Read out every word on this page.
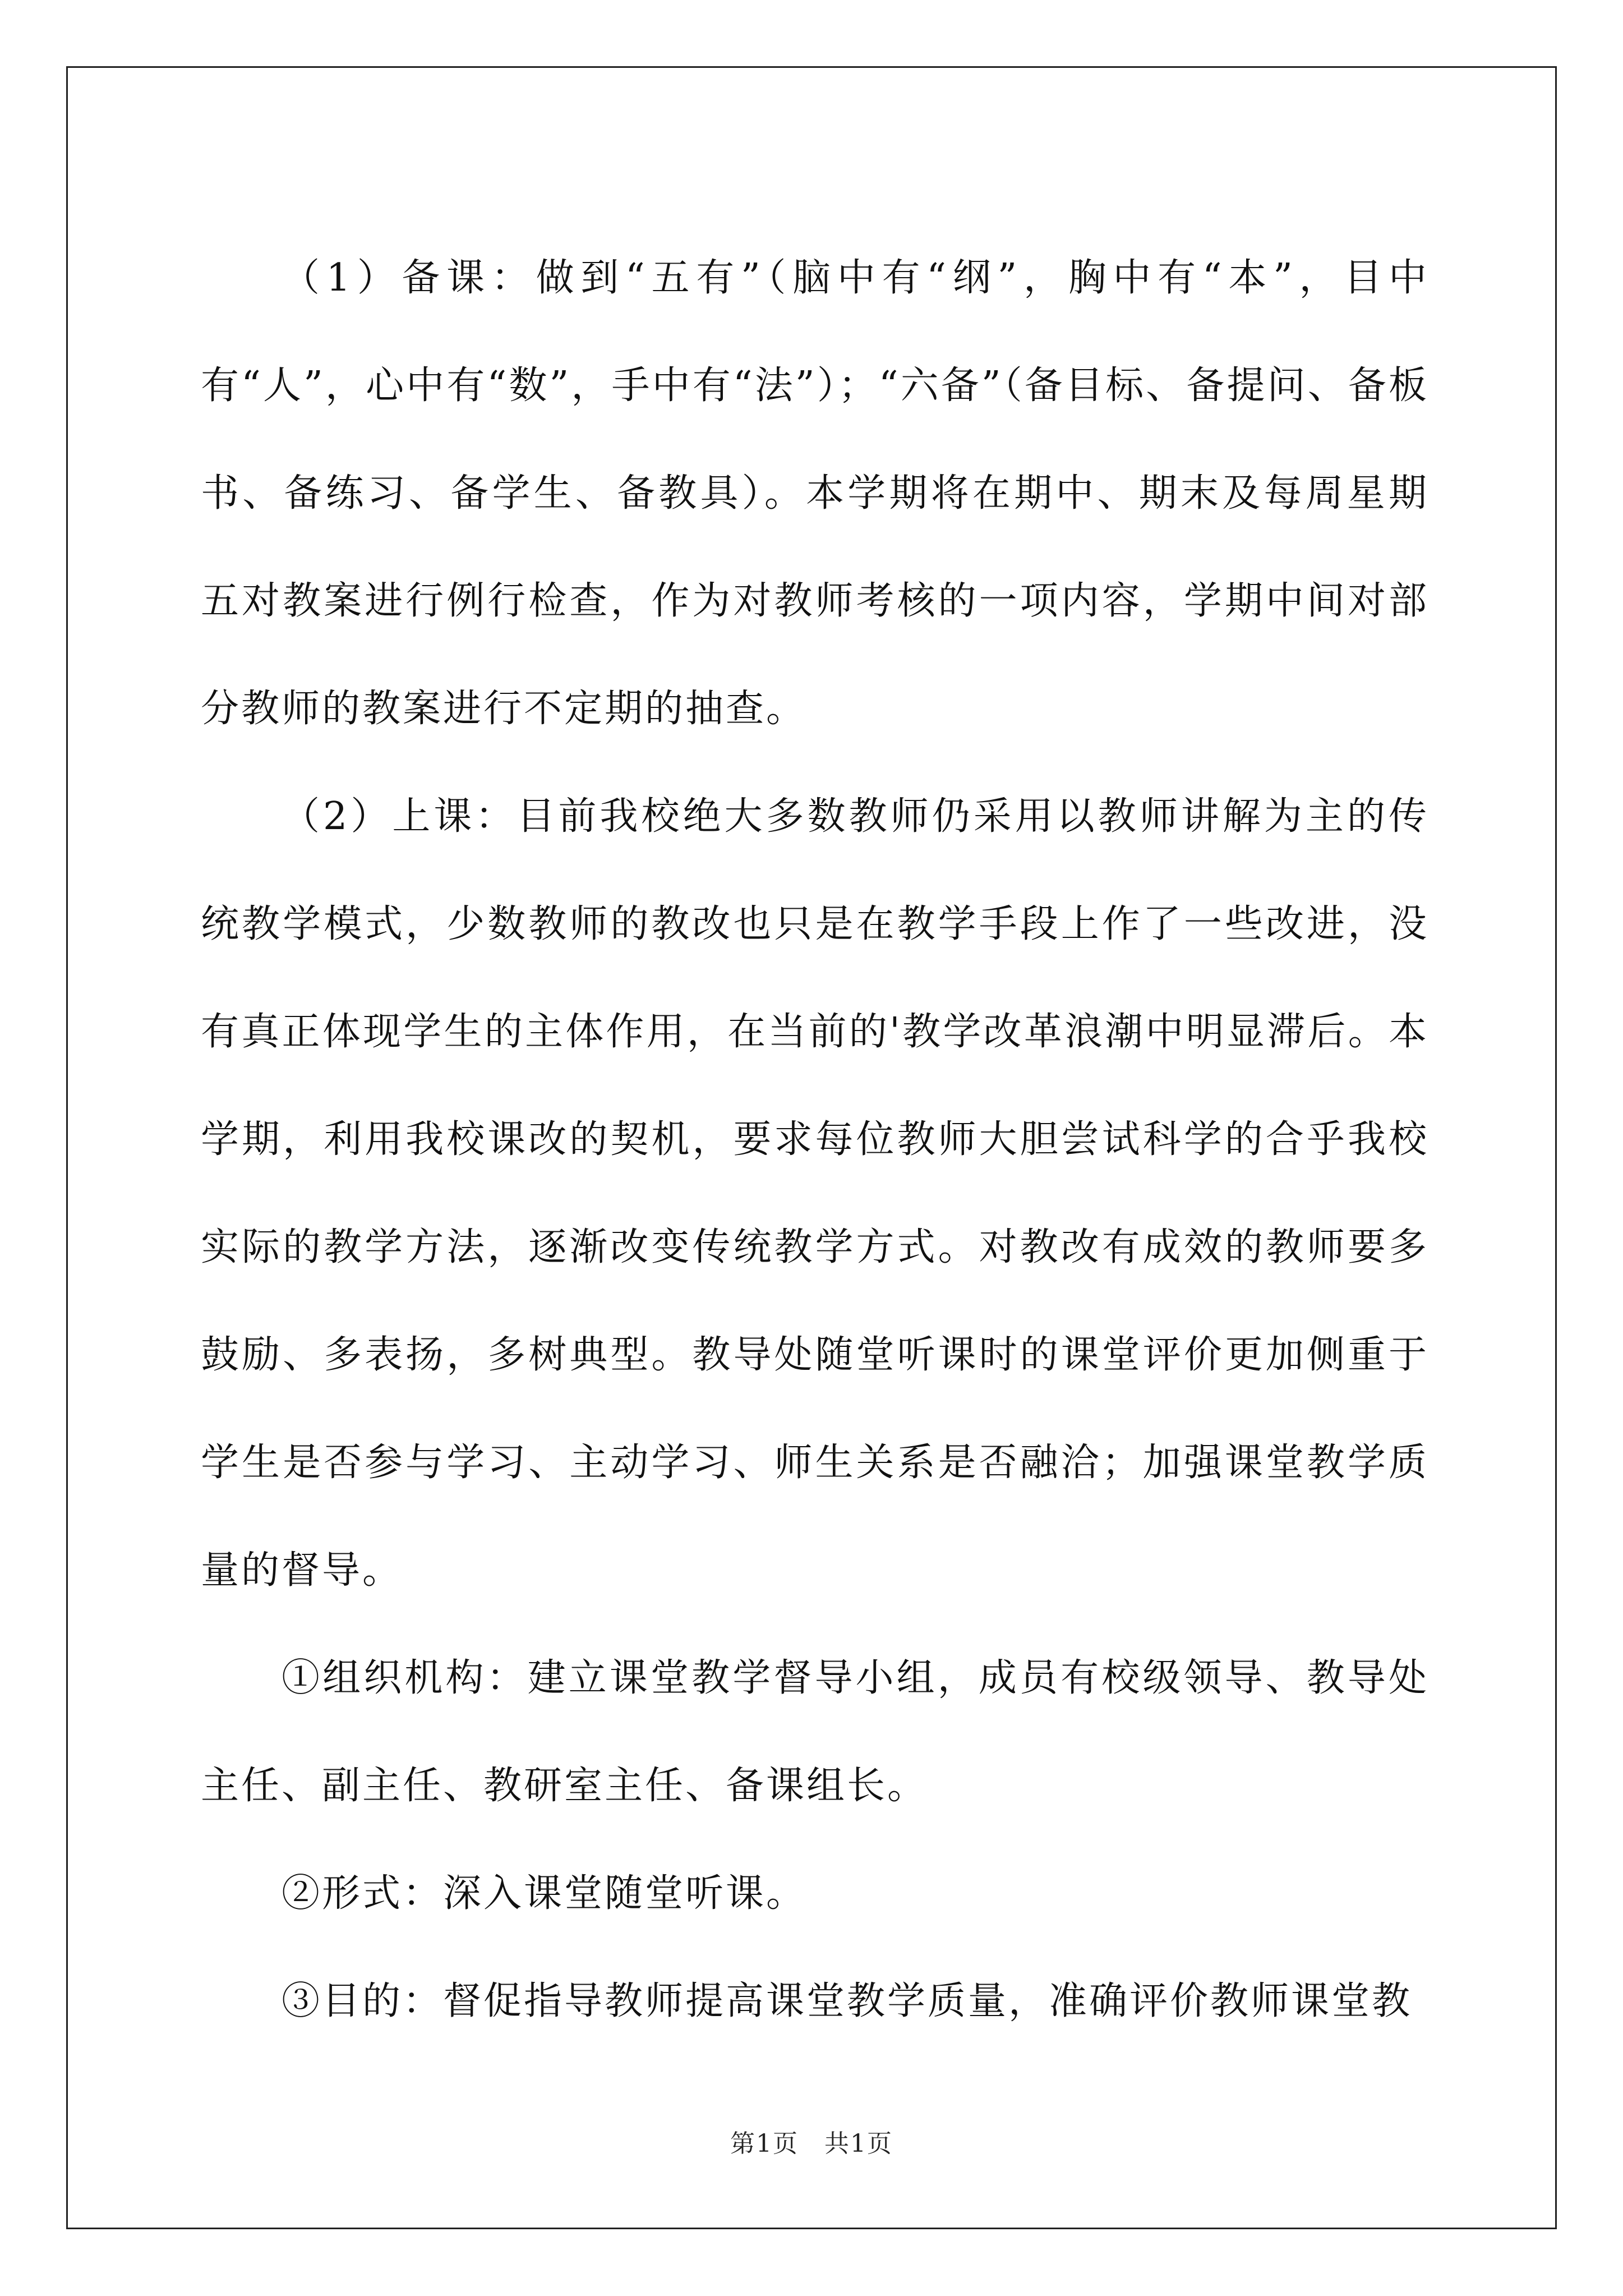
（1）备课：做到“五有”（脑中有“纲”，胸中有“本”，目中有“人”，心中有“数”，手中有“法”）；“六备”（备目标、备提问、备板书、备练习、备学生、备教具）。本学期将在期中、期末及每周星期五对教案进行例行检查，作为对教师考核的一项内容，学期中间对部分教师的教案进行不定期的抽查。

（2）上课：目前我校绝大多数教师仍采用以教师讲解为主的传统教学模式，少数教师的教改也只是在教学手段上作了一些改进，没有真正体现学生的主体作用，在当前的'教学改革浪潮中明显滞后。本学期，利用我校课改的契机，要求每位教师大胆尝试科学的合乎我校实际的教学方法，逐渐改变传统教学方式。对教改有成效的教师要多鼓励、多表扬，多树典型。教导处随堂听课时的课堂评价更加侧重于学生是否参与学习、主动学习、师生关系是否融洽；加强课堂教学质量的督导。

①组织机构：建立课堂教学督导小组，成员有校级领导、教导处主任、副主任、教研室主任、备课组长。

②形式：深入课堂随堂听课。

③目的：督促指导教师提高课堂教学质量，准确评价教师课堂教

第1页　共1页
